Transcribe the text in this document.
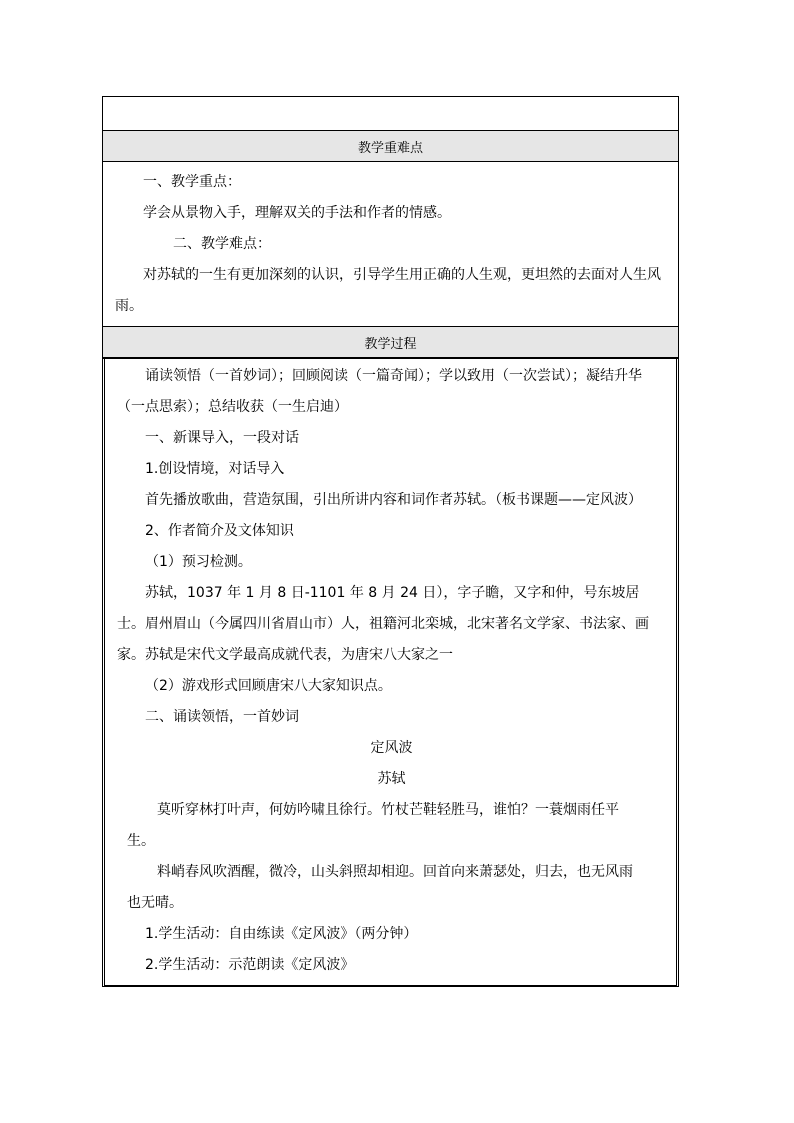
教学重难点

一、教学重点：

学会从景物入手，理解双关的手法和作者的情感。

二、教学难点：

对苏轼的一生有更加深刻的认识，引导学生用正确的人生观，更坦然的去面对人生风雨。

教学过程

诵读领悟（一首妙词）；回顾阅读（一篇奇闻）；学以致用（一次尝试）；凝结升华（一点思索）；总结收获（一生启迪）

一、新课导入，一段对话

1.创设情境，对话导入

首先播放歌曲，营造氛围，引出所讲内容和词作者苏轼。（板书课题——定风波）

2、作者简介及文体知识

（1）预习检测。

苏轼，1037 年 1 月 8 日-1101 年 8 月 24 日），字子瞻，又字和仲，号东坡居士。眉州眉山（今属四川省眉山市）人，祖籍河北栾城，北宋著名文学家、书法家、画家。苏轼是宋代文学最高成就代表，为唐宋八大家之一

（2）游戏形式回顾唐宋八大家知识点。

二、诵读领悟，一首妙词

定风波

苏轼

莫听穿林打叶声，何妨吟啸且徐行。竹杖芒鞋轻胜马，谁怕？一蓑烟雨任平生。

料峭春风吹酒醒，微冷，山头斜照却相迎。回首向来萧瑟处，归去，也无风雨也无晴。

1.学生活动：自由练读《定风波》（两分钟）

2.学生活动：示范朗读《定风波》
